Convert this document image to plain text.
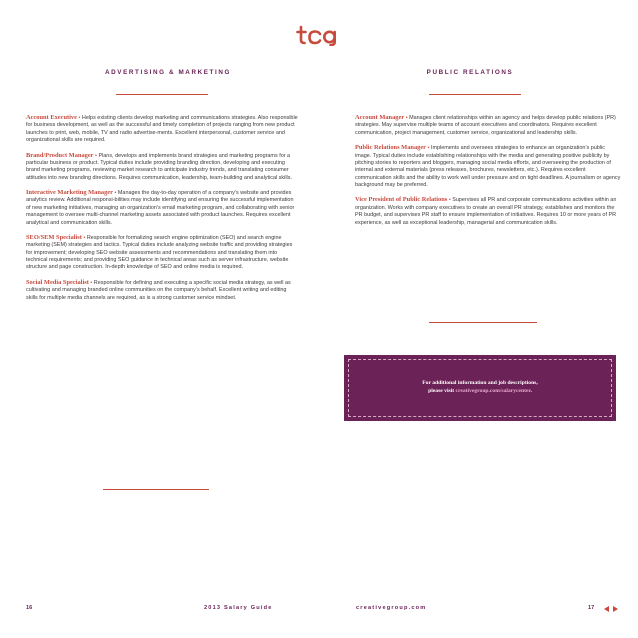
ADVERTISING & MARKETING	PUBLIC RELATIONS

Account Executive • Helps existing clients develop marketing and communications strategies. Also responsible for business development, as well as the successful and timely completion of projects ranging from new product launches to print, web, mobile, TV and radio advertise-ments. Excellent interpersonal, customer service and organizational skills are required.

Brand/Product Manager • Plans, develops and implements brand strategies and marketing programs for a particular business or product. Typical duties include providing branding direction, developing and executing brand marketing programs, reviewing market research to anticipate industry trends, and translating consumer attitudes into new branding directions. Requires communication, leadership, team-building and analytical skills.

Interactive Marketing Manager • Manages the day-to-day operation of a company’s website and provides analytics review. Additional responsi-bilities may include identifying and ensuring the successful implementation of new marketing initiatives, managing an organization’s email marketing program, and collaborating with senior management to oversee multi-channel marketing assets associated with product launches. Requires excellent analytical and communication skills.

SEO/SEM Specialist • Responsible for formalizing search engine optimization (SEO) and search engine marketing (SEM) strategies and tactics. Typical duties include analyzing website traffic and providing strategies for improvement; developing SEO website assessments and recommendations and translating them into technical requirements; and providing SEO guidance in technical areas such as server infrastructure, website structure and page construction. In-depth knowledge of SEO and online media is required.

Social Media Specialist • Responsible for defining and executing a specific social media strategy, as well as cultivating and managing branded online communities on the company’s behalf. Excellent writing and editing skills for multiple media channels are required, as is a strong customer service mindset.

Account Manager • Manages client relationships within an agency and helps develop public relations (PR) strategies. May supervise multiple teams of account executives and coordinators. Requires excellent communication, project management, customer service, organizational and leadership skills.

Public Relations Manager • Implements and oversees strategies to enhance an organization’s public image. Typical duties include establishing relationships with the media and generating positive publicity by pitching stories to reporters and bloggers, managing social media efforts, and overseeing the production of internal and external materials (press releases, brochures, newsletters, etc.). Requires excellent communication skills and the ability to work well under pressure and on tight deadlines. A journalism or agency background may be preferred.

Vice President of Public Relations • Supervises all PR and corporate communications activities within an organization. Works with company executives to create an overall PR strategy, establishes and monitors the PR budget, and supervises PR staff to ensure implementation of initiatives. Requires 10 or more years of PR experience, as well as exceptional leadership, managerial and communication skills.

For additional information and job descriptions,
please visit creativegroup.com/salarycenter.
16	2013 Salary Guide	creativegroup.com	17
